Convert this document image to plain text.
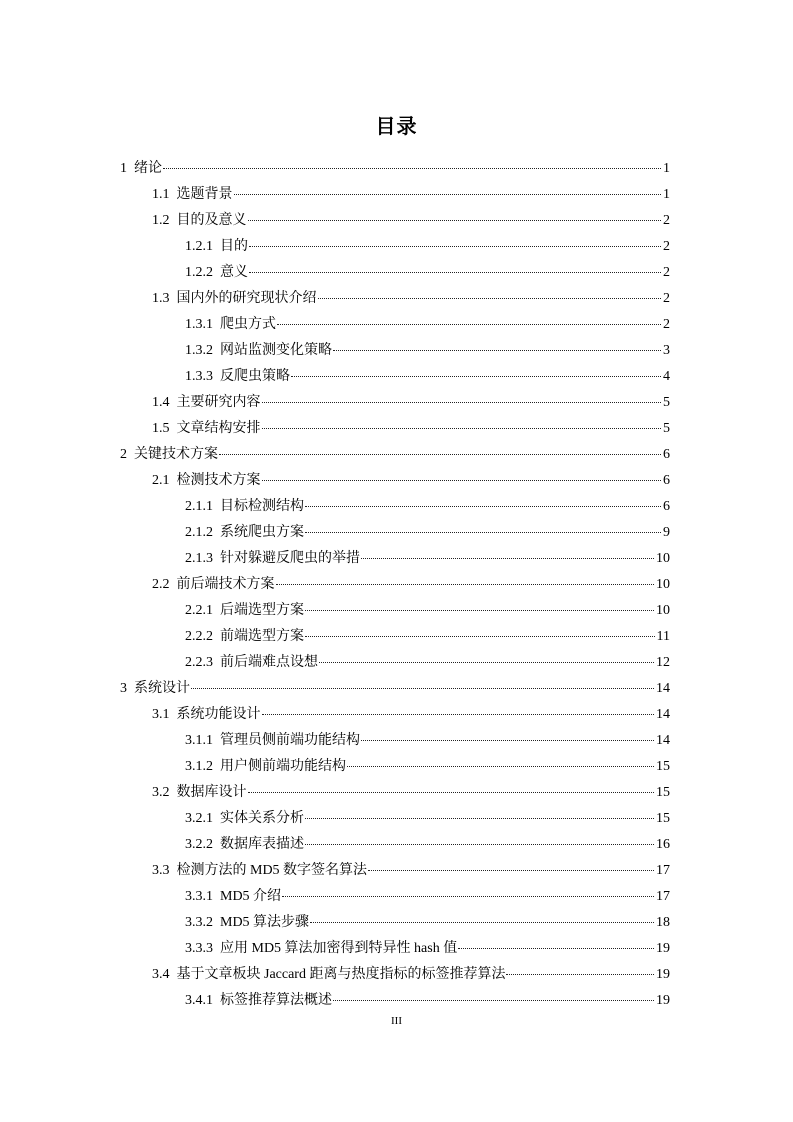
目录
1 绪论	1
1.1 选题背景	1
1.2 目的及意义	2
1.2.1 目的	2
1.2.2 意义	2
1.3 国内外的研究现状介绍	2
1.3.1 爬虫方式	2
1.3.2 网站监测变化策略	3
1.3.3 反爬虫策略	4
1.4 主要研究内容	5
1.5 文章结构安排	5
2 关键技术方案	6
2.1 检测技术方案	6
2.1.1 目标检测结构	6
2.1.2 系统爬虫方案	9
2.1.3 针对躲避反爬虫的举措	10
2.2 前后端技术方案	10
2.2.1 后端选型方案	10
2.2.2 前端选型方案	11
2.2.3 前后端难点设想	12
3 系统设计	14
3.1 系统功能设计	14
3.1.1 管理员侧前端功能结构	14
3.1.2 用户侧前端功能结构	15
3.2 数据库设计	15
3.2.1 实体关系分析	15
3.2.2 数据库表描述	16
3.3 检测方法的 MD5 数字签名算法	17
3.3.1 MD5 介绍	17
3.3.2 MD5 算法步骤	18
3.3.3 应用 MD5 算法加密得到特异性 hash 值	19
3.4 基于文章板块 Jaccard 距离与热度指标的标签推荐算法	19
3.4.1 标签推荐算法概述	19
III
